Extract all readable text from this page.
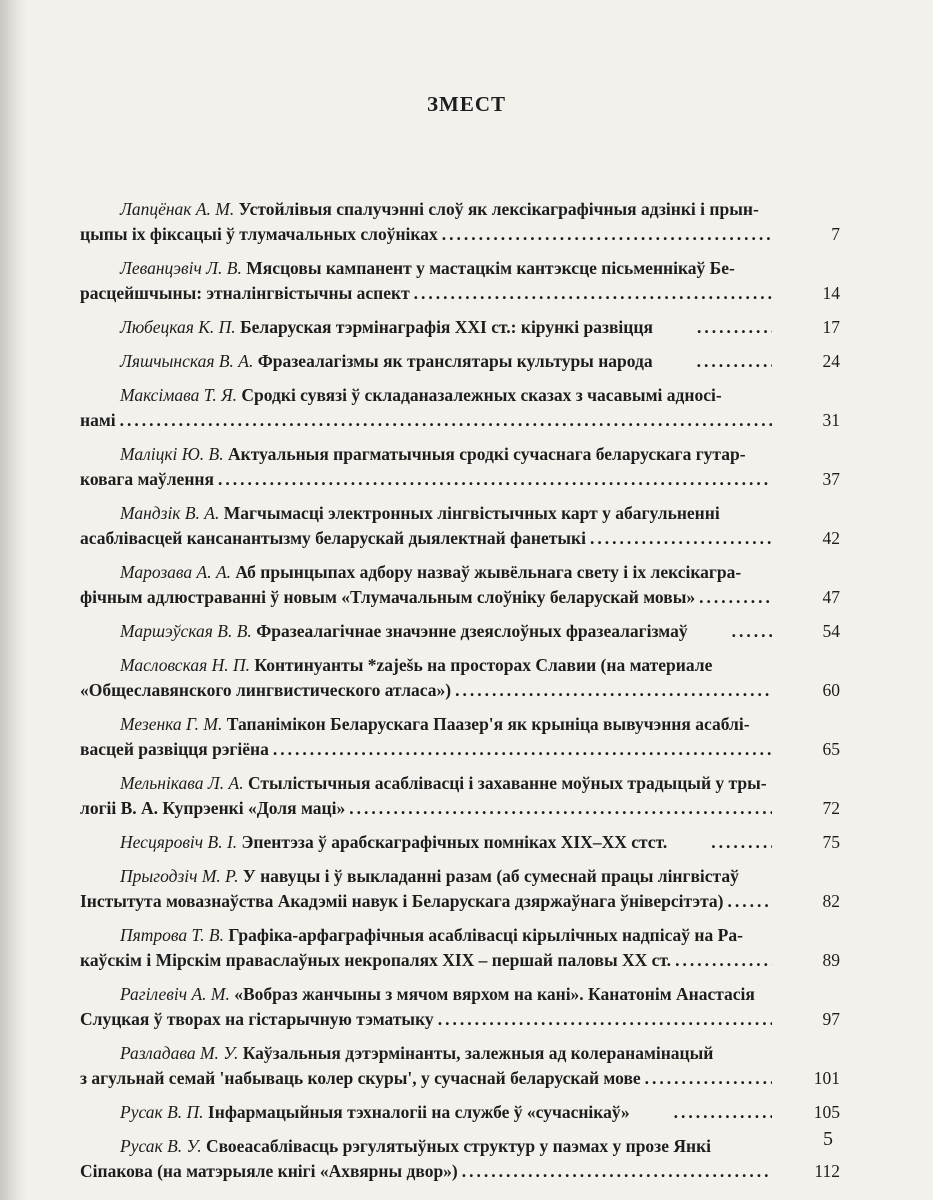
ЗМЕСТ

Лапцёнак А. М. Устойлівыя спалучэнні слоў як лексікаграфічныя адзінкі і прын-

цыпы іх фіксацыі ў тлумачальных слоўніках .....	7

Леванцэвіч Л. В. Мясцовы кампанент у мастацкім кантэксце пісьменнікаў Бе-

расцейшчыны: этналінгвістычны аспект .....	14

Любецкая К. П. Беларуская тэрмінаграфія XXI ст.: кірункі развіцця .....	17

Ляшчынская В. А. Фразеалагізмы як транслятары культуры народа .....	24

Максімава Т. Я. Сродкі сувязі ў складаназалежных сказах з часавымі адносі-

намі .....	31

Маліцкі Ю. В. Актуальныя прагматычныя сродкі сучаснага беларускага гутар-

ковага маўлення .....	37

Мандзік В. А. Магчымасці электронных лінгвістычных карт у абагульненні

асаблівасцей кансанантызму беларускай дыялектнай фанетыкі .....	42

Марозава А. А. Аб прынцыпах адбору назваў жывёльнага свету і іх лексікагра-

фічным адлюстраванні ў новым «Тлумачальным слоўніку беларускай мовы» .....	47

Маршэўская В. В. Фразеалагічнае значэнне дзеяслоўных фразеалагізмаў .....	54

Масловская Н. П. Континуанты *zaješь на просторах Славии (на материале

«Общеславянского лингвистического атласа») .....	60

Мезенка Г. М. Тапанімікон Беларускага Паазер'я як крыніца вывучэння асаблі-

васцей развіцця рэгіёна .....	65

Мельнікава Л. А. Стылістычныя асаблівасці і захаванне моўных традыцый у тры-

логіі В. А. Купрэенкі «Доля маці» .....	72

Несцяровіч В. І. Эпентэза ў арабскаграфічных помніках XIX–XX стст. .....	75

Прыгодзіч М. Р. У навуцы і ў выкладанні разам (аб сумеснай працы лінгвістаў

Інстытута мовазнаўства Акадэміі навук і Беларускага дзяржаўнага ўніверсітэта) .....	82

Пятрова Т. В. Графіка-арфаграфічныя асаблівасці кірылічных надпісаў на Ра-

каўскім і Мірскім праваслаўных некропалях XIX – першай паловы XX ст. .....	89

Рагілевіч А. М. «Вобраз жанчыны з мячом вярхом на кані». Канатонім Анастасія

Слуцкая ў творах на гістарычную тэматыку .....	97

Разладава М. У. Каўзальныя дэтэрмінанты, залежныя ад колеранамінацый

з агульнай семай 'набываць колер скуры', у сучаснай беларускай мове .....	101

Русак В. П. Інфармацыйныя тэхналогіі на службе ў «сучаснікаў» .....	105

Русак В. У. Своеасаблівасць рэгулятыўных структур у паэмах у прозе Янкі

Сіпакова (на матэрыяле кнігі «Ахвярны двор») .....	112
5
